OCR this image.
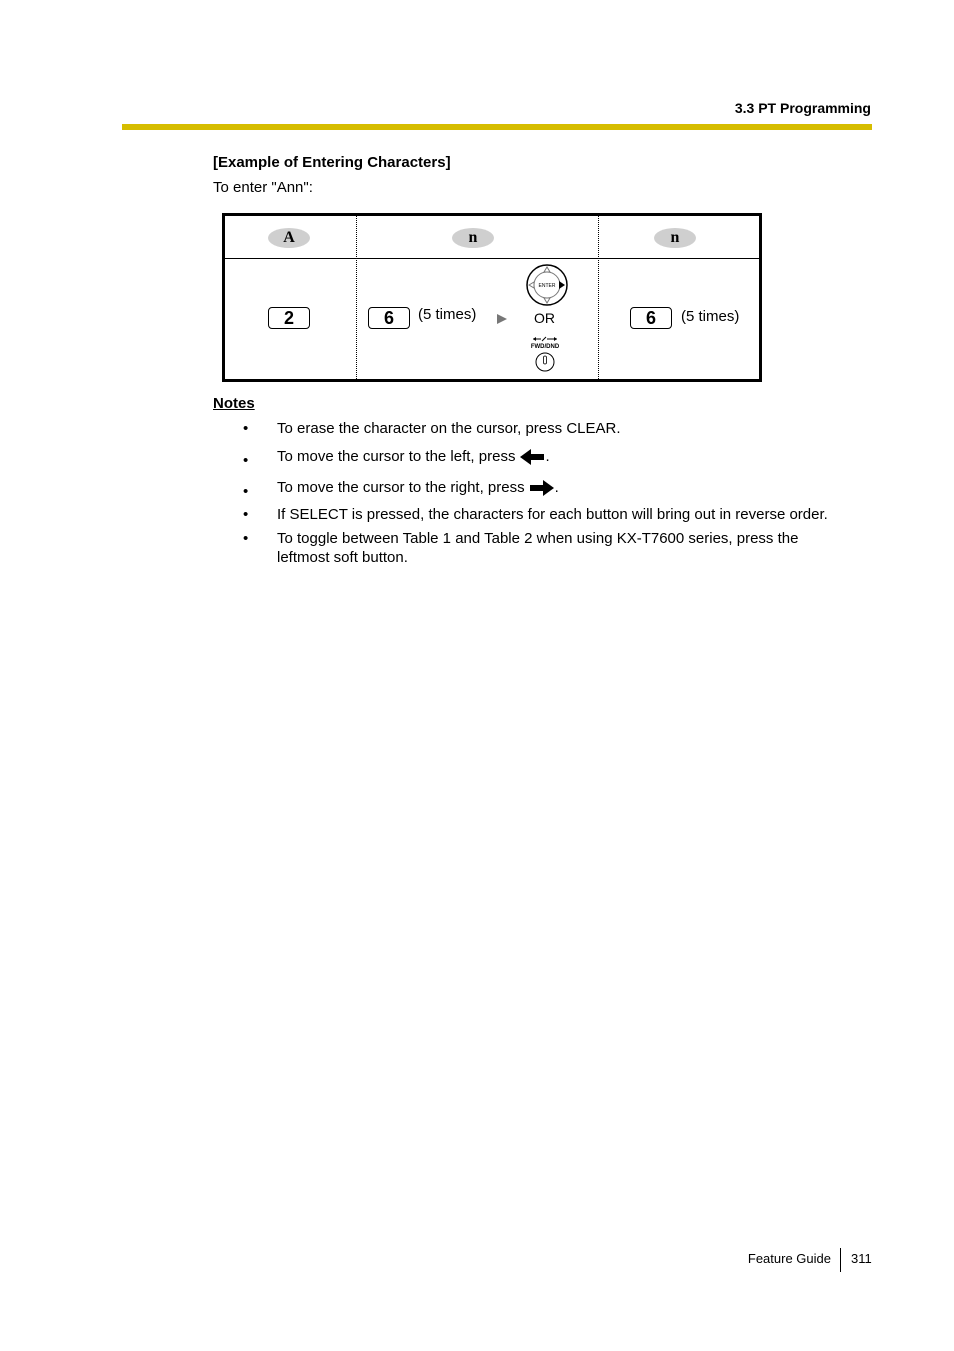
3.3 PT Programming
[Example of Entering Characters]
To enter "Ann":
A
2
n
6	(5 times)
ENTER
OR
FWD/DND
n
6	(5 times)
Notes
• To erase the character on the cursor, press CLEAR.
• To move the cursor to the left, press .
• To move the cursor to the right, press .
• If SELECT is pressed, the characters for each button will bring out in reverse order.
• To toggle between Table 1 and Table 2 when using KX-T7600 series, press the leftmost soft button.
Feature Guide 311
